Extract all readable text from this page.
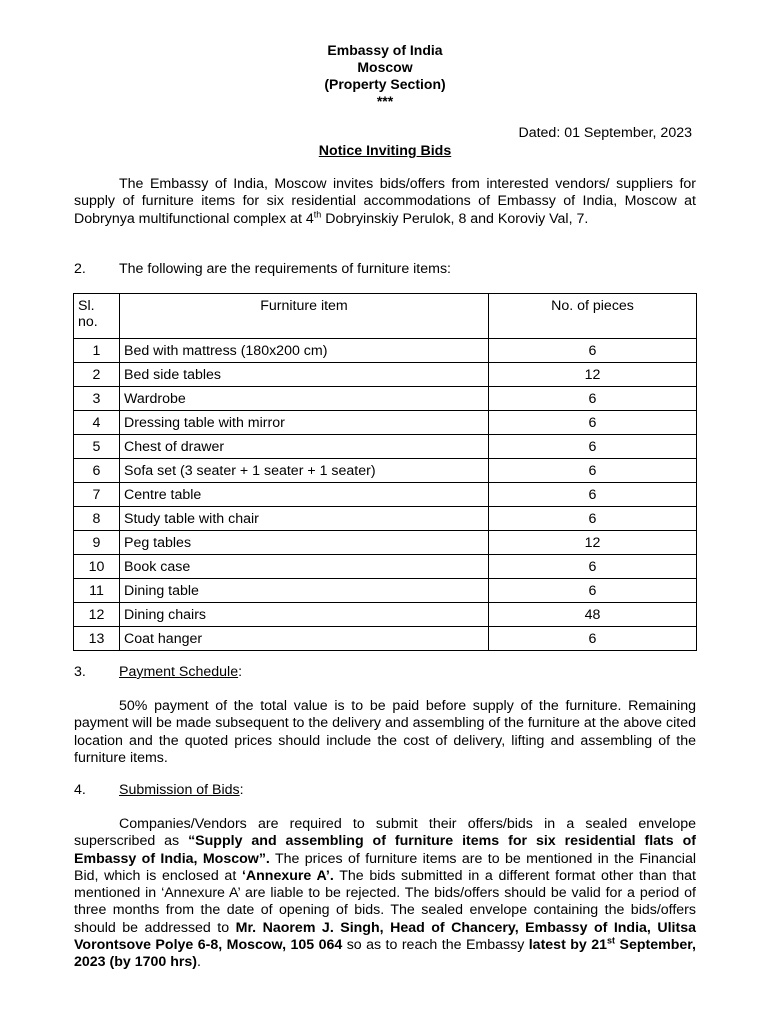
Embassy of India
Moscow
(Property Section)
***
Dated: 01 September, 2023
Notice Inviting Bids
The Embassy of India, Moscow invites bids/offers from interested vendors/ suppliers for supply of furniture items for six residential accommodations of Embassy of India, Moscow at Dobrynya multifunctional complex at 4th Dobryinskiy Perulok, 8 and Koroviy Val, 7.
2. The following are the requirements of furniture items:
Sl. no.	Furniture item	No. of pieces
1	Bed with mattress (180x200 cm)	6
2	Bed side tables	12
3	Wardrobe	6
4	Dressing table with mirror	6
5	Chest of drawer	6
6	Sofa set (3 seater + 1 seater + 1 seater)	6
7	Centre table	6
8	Study table with chair	6
9	Peg tables	12
10	Book case	6
11	Dining table	6
12	Dining chairs	48
13	Coat hanger	6
3. Payment Schedule:
50% payment of the total value is to be paid before supply of the furniture. Remaining payment will be made subsequent to the delivery and assembling of the furniture at the above cited location and the quoted prices should include the cost of delivery, lifting and assembling of the furniture items.
4. Submission of Bids:
Companies/Vendors are required to submit their offers/bids in a sealed envelope superscribed as “Supply and assembling of furniture items for six residential flats of Embassy of India, Moscow”. The prices of furniture items are to be mentioned in the Financial Bid, which is enclosed at ‘Annexure A’. The bids submitted in a different format other than that mentioned in ‘Annexure A’ are liable to be rejected. The bids/offers should be valid for a period of three months from the date of opening of bids. The sealed envelope containing the bids/offers should be addressed to Mr. Naorem J. Singh, Head of Chancery, Embassy of India, Ulitsa Vorontsove Polye 6-8, Moscow, 105 064 so as to reach the Embassy latest by 21st September, 2023 (by 1700 hrs).
